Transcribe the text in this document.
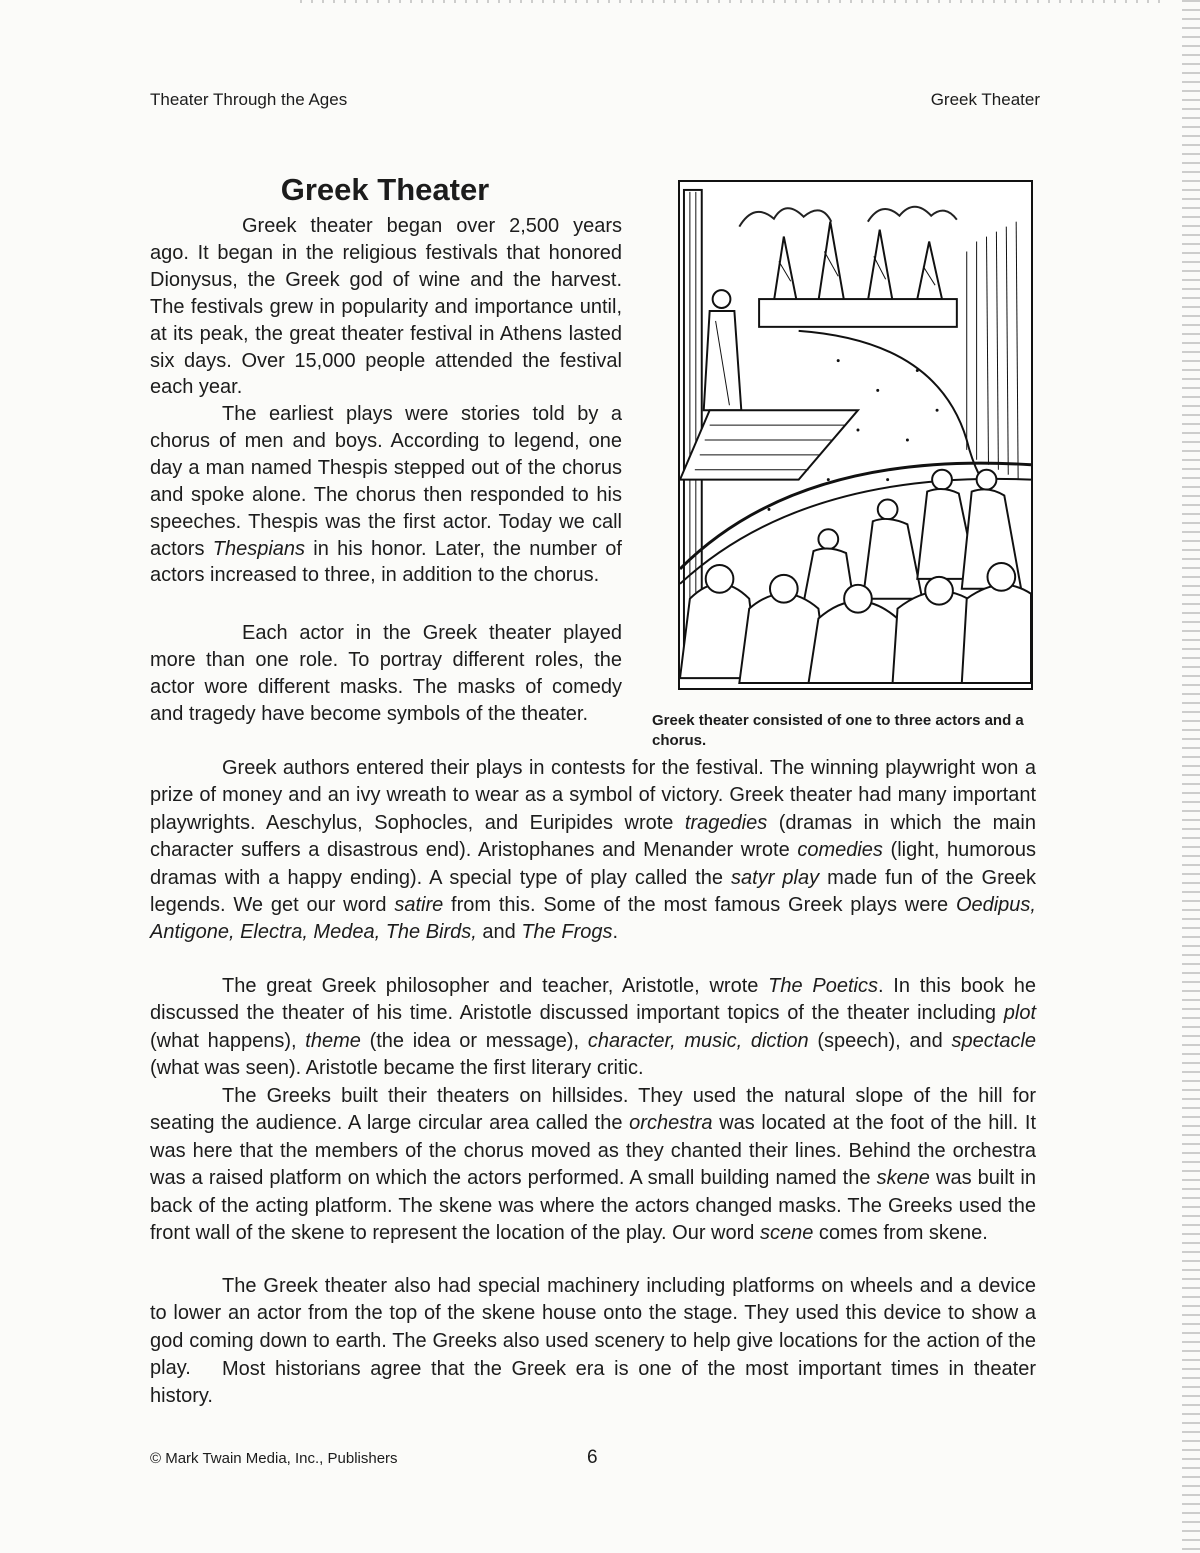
Theater Through the Ages	Greek Theater
Greek Theater

Greek theater began over 2,500 years ago. It began in the religious festivals that honored Dionysus, the Greek god of wine and the harvest. The festivals grew in popularity and importance until, at its peak, the great theater festival in Athens lasted six days. Over 15,000 people attended the festival each year.

The earliest plays were stories told by a chorus of men and boys. According to legend, one day a man named Thespis stepped out of the chorus and spoke alone. The chorus then responded to his speeches. Thespis was the first actor. Today we call actors Thespians in his honor. Later, the number of actors increased to three, in addition to the chorus.

Each actor in the Greek theater played more than one role. To portray different roles, the actor wore different masks. The masks of comedy and tragedy have become symbols of the theater.	Greek theater consisted of one to three actors and a chorus.

Greek authors entered their plays in contests for the festival. The winning playwright won a prize of money and an ivy wreath to wear as a symbol of victory. Greek theater had many important playwrights. Aeschylus, Sophocles, and Euripides wrote tragedies (dramas in which the main character suffers a disastrous end). Aristophanes and Menander wrote comedies (light, humorous dramas with a happy ending). A special type of play called the satyr play made fun of the Greek legends. We get our word satire from this. Some of the most famous Greek plays were Oedipus, Antigone, Electra, Medea, The Birds, and The Frogs.

The great Greek philosopher and teacher, Aristotle, wrote The Poetics. In this book he discussed the theater of his time. Aristotle discussed important topics of the theater including plot (what happens), theme (the idea or message), character, music, diction (speech), and spectacle (what was seen). Aristotle became the first literary critic.

The Greeks built their theaters on hillsides. They used the natural slope of the hill for seating the audience. A large circular area called the orchestra was located at the foot of the hill. It was here that the members of the chorus moved as they chanted their lines. Behind the orchestra was a raised platform on which the actors performed. A small building named the skene was built in back of the acting platform. The skene was where the actors changed masks. The Greeks used the front wall of the skene to represent the location of the play. Our word scene comes from skene.

The Greek theater also had special machinery including platforms on wheels and a device to lower an actor from the top of the skene house onto the stage. They used this device to show a god coming down to earth. The Greeks also used scenery to help give locations for the action of the play.	Most historians agree that the Greek era is one of the most important times in theater history.

© Mark Twain Media, Inc., Publishers	6
